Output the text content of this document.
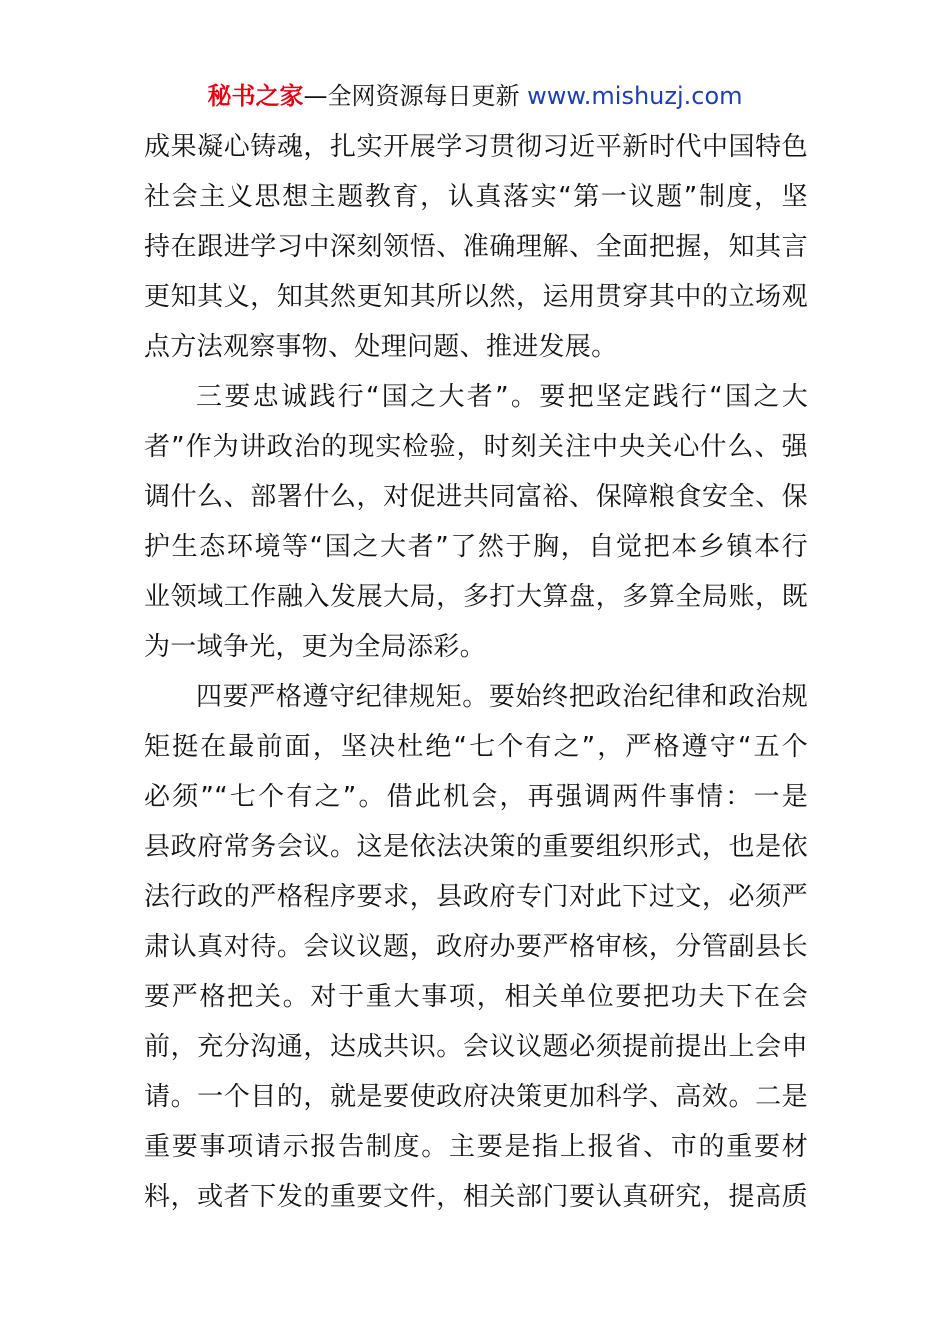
秘书之家—全网资源每日更新 www.mishuzj.com
成果凝心铸魂，扎实开展学习贯彻习近平新时代中国特色
社会主义思想主题教育，认真落实“第一议题”制度，坚
持在跟进学习中深刻领悟、准确理解、全面把握，知其言
更知其义，知其然更知其所以然，运用贯穿其中的立场观
点方法观察事物、处理问题、推进发展。
三要忠诚践行“国之大者”。要把坚定践行“国之大
者”作为讲政治的现实检验，时刻关注中央关心什么、强
调什么、部署什么，对促进共同富裕、保障粮食安全、保
护生态环境等“国之大者”了然于胸，自觉把本乡镇本行
业领域工作融入发展大局，多打大算盘，多算全局账，既
为一域争光，更为全局添彩。
四要严格遵守纪律规矩。要始终把政治纪律和政治规
矩挺在最前面，坚决杜绝“七个有之”，严格遵守“五个
必须”“七个有之”。借此机会，再强调两件事情：一是
县政府常务会议。这是依法决策的重要组织形式，也是依
法行政的严格程序要求，县政府专门对此下过文，必须严
肃认真对待。会议议题，政府办要严格审核，分管副县长
要严格把关。对于重大事项，相关单位要把功夫下在会
前，充分沟通，达成共识。会议议题必须提前提出上会申
请。一个目的，就是要使政府决策更加科学、高效。二是
重要事项请示报告制度。主要是指上报省、市的重要材
料，或者下发的重要文件，相关部门要认真研究，提高质
